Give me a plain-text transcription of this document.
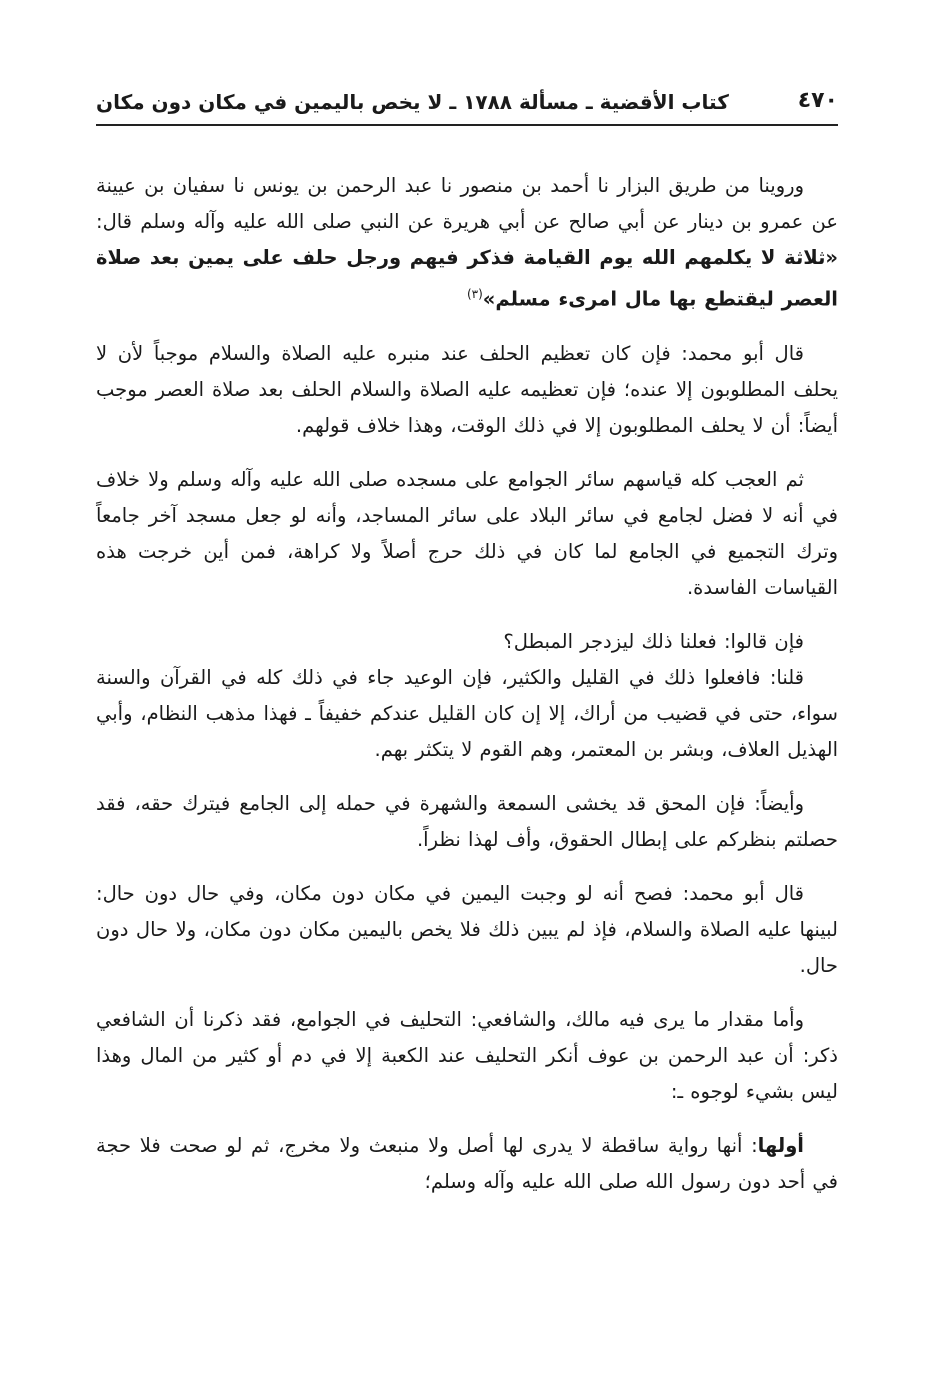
٤٧٠
كتاب الأقضية ـ مسألة ١٧٨٨ ـ لا يخص باليمين في مكان دون مكان

وروينا من طريق البزار نا أحمد بن منصور نا عبد الرحمن بن يونس نا سفيان بن عيينة عن عمرو بن دينار عن أبي صالح عن أبي هريرة عن النبي صلى الله عليه وآله وسلم قال: «ثلاثة لا يكلمهم الله يوم القيامة فذكر فيهم ورجل حلف على يمين بعد صلاة العصر ليقتطع بها مال امرىء مسلم»$^{(٣)}$

قال أبو محمد: فإن كان تعظيم الحلف عند منبره عليه الصلاة والسلام موجباً لأن لا يحلف المطلوبون إلا عنده؛ فإن تعظيمه عليه الصلاة والسلام الحلف بعد صلاة العصر موجب أيضاً: أن لا يحلف المطلوبون إلا في ذلك الوقت، وهذا خلاف قولهم.

ثم العجب كله قياسهم سائر الجوامع على مسجده صلى الله عليه وآله وسلم ولا خلاف في أنه لا فضل لجامع في سائر البلاد على سائر المساجد، وأنه لو جعل مسجد آخر جامعاً وترك التجميع في الجامع لما كان في ذلك حرج أصلاً ولا كراهة، فمن أين خرجت هذه القياسات الفاسدة.

فإن قالوا: فعلنا ذلك ليزدجر المبطل؟

قلنا: فافعلوا ذلك في القليل والكثير، فإن الوعيد جاء في ذلك كله في القرآن والسنة سواء، حتى في قضيب من أراك، إلا إن كان القليل عندكم خفيفاً ـ فهذا مذهب النظام، وأبي الهذيل العلاف، وبشر بن المعتمر، وهم القوم لا يتكثر بهم.

وأيضاً: فإن المحق قد يخشى السمعة والشهرة في حمله إلى الجامع فيترك حقه، فقد حصلتم بنظركم على إبطال الحقوق، وأف لهذا نظراً.

قال أبو محمد: فصح أنه لو وجبت اليمين في مكان دون مكان، وفي حال دون حال: لبينها عليه الصلاة والسلام، فإذ لم يبين ذلك فلا يخص باليمين مكان دون مكان، ولا حال دون حال.

وأما مقدار ما يرى فيه مالك، والشافعي: التحليف في الجوامع، فقد ذكرنا أن الشافعي ذكر: أن عبد الرحمن بن عوف أنكر التحليف عند الكعبة إلا في دم أو كثير من المال وهذا ليس بشيء لوجوه ـ:

أولها: أنها رواية ساقطة لا يدرى لها أصل ولا منبعث ولا مخرج، ثم لو صحت فلا حجة في أحد دون رسول الله صلى الله عليه وآله وسلم؛
